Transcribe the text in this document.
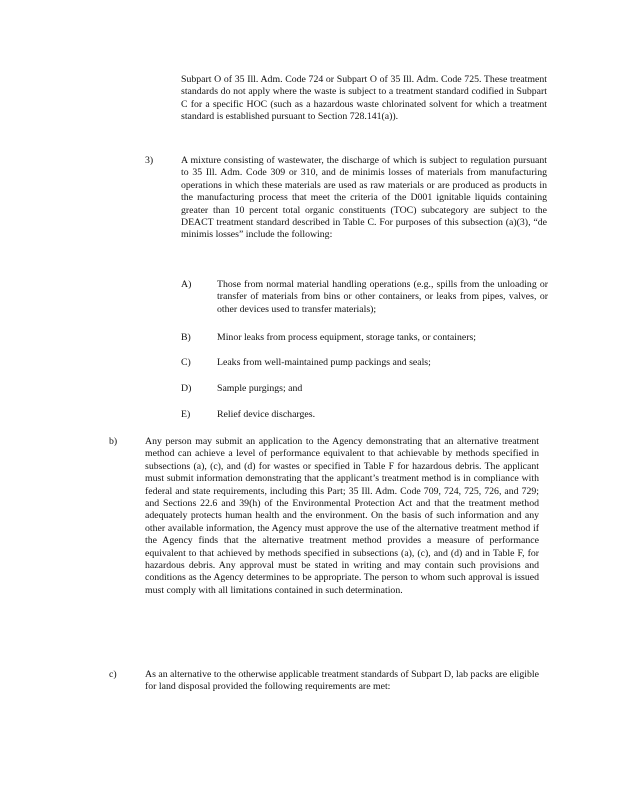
Subpart O of 35 Ill. Adm. Code 724 or Subpart O of 35 Ill. Adm. Code 725. These treatment standards do not apply where the waste is subject to a treatment standard codified in Subpart C for a specific HOC (such as a hazardous waste chlorinated solvent for which a treatment standard is established pursuant to Section 728.141(a)).
3)	A mixture consisting of wastewater, the discharge of which is subject to regulation pursuant to 35 Ill. Adm. Code 309 or 310, and de minimis losses of materials from manufacturing operations in which these materials are used as raw materials or are produced as products in the manufacturing process that meet the criteria of the D001 ignitable liquids containing greater than 10 percent total organic constituents (TOC) subcategory are subject to the DEACT treatment standard described in Table C. For purposes of this subsection (a)(3), “de minimis losses” include the following:
A)	Those from normal material handling operations (e.g., spills from the unloading or transfer of materials from bins or other containers, or leaks from pipes, valves, or other devices used to transfer materials);
B)	Minor leaks from process equipment, storage tanks, or containers;
C)	Leaks from well-maintained pump packings and seals;
D)	Sample purgings; and
E)	Relief device discharges.
b)	Any person may submit an application to the Agency demonstrating that an alternative treatment method can achieve a level of performance equivalent to that achievable by methods specified in subsections (a), (c), and (d) for wastes or specified in Table F for hazardous debris. The applicant must submit information demonstrating that the applicant’s treatment method is in compliance with federal and state requirements, including this Part; 35 Ill. Adm. Code 709, 724, 725, 726, and 729; and Sections 22.6 and 39(h) of the Environmental Protection Act and that the treatment method adequately protects human health and the environment. On the basis of such information and any other available information, the Agency must approve the use of the alternative treatment method if the Agency finds that the alternative treatment method provides a measure of performance equivalent to that achieved by methods specified in subsections (a), (c), and (d) and in Table F, for hazardous debris. Any approval must be stated in writing and may contain such provisions and conditions as the Agency determines to be appropriate. The person to whom such approval is issued must comply with all limitations contained in such determination.
c)	As an alternative to the otherwise applicable treatment standards of Subpart D, lab packs are eligible for land disposal provided the following requirements are met:
